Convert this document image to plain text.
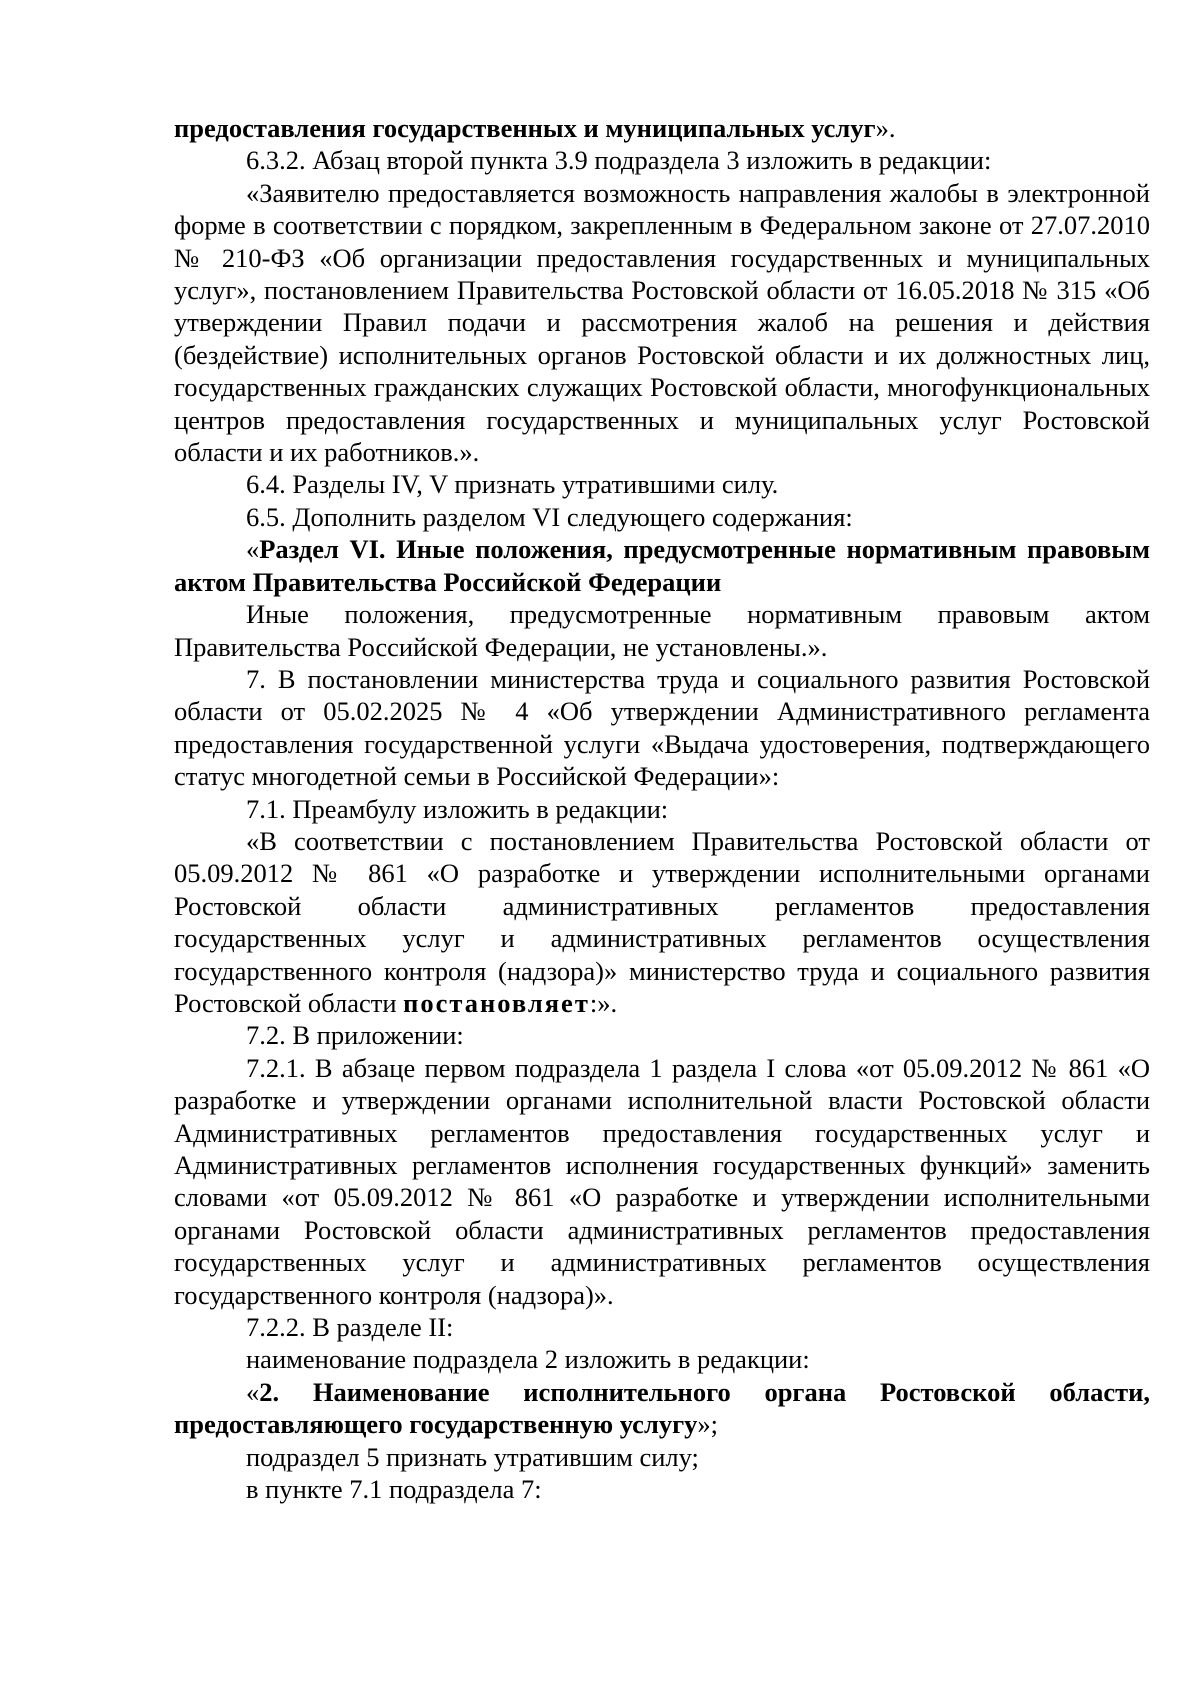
предоставления государственных и муниципальных услуг».

6.3.2. Абзац второй пункта 3.9 подраздела 3 изложить в редакции:

«Заявителю предоставляется возможность направления жалобы в электронной форме в соответствии с порядком, закрепленным в Федеральном законе от 27.07.2010 № 210-ФЗ «Об организации предоставления государственных и муниципальных услуг», постановлением Правительства Ростовской области от 16.05.2018 № 315 «Об утверждении Правил подачи и рассмотрения жалоб на решения и действия (бездействие) исполнительных органов Ростовской области и их должностных лиц, государственных гражданских служащих Ростовской области, многофункциональных центров предоставления государственных и муниципальных услуг Ростовской области и их работников.».

6.4. Разделы IV, V признать утратившими силу.

6.5. Дополнить разделом VI следующего содержания:

«Раздел VI. Иные положения, предусмотренные нормативным правовым актом Правительства Российской Федерации

Иные положения, предусмотренные нормативным правовым актом Правительства Российской Федерации, не установлены.».

7. В постановлении министерства труда и социального развития Ростовской области от 05.02.2025 № 4 «Об утверждении Административного регламента предоставления государственной услуги «Выдача удостоверения, подтверждающего статус многодетной семьи в Российской Федерации»:

7.1. Преамбулу изложить в редакции:

«В соответствии с постановлением Правительства Ростовской области от 05.09.2012 № 861 «О разработке и утверждении исполнительными органами Ростовской области административных регламентов предоставления государственных услуг и административных регламентов осуществления государственного контроля (надзора)» министерство труда и социального развития Ростовской области постановляет:».

7.2. В приложении:

7.2.1. В абзаце первом подраздела 1 раздела I слова «от 05.09.2012 № 861 «О разработке и утверждении органами исполнительной власти Ростовской области Административных регламентов предоставления государственных услуг и Административных регламентов исполнения государственных функций» заменить словами «от 05.09.2012 № 861 «О разработке и утверждении исполнительными органами Ростовской области административных регламентов предоставления государственных услуг и административных регламентов осуществления государственного контроля (надзора)».

7.2.2. В разделе II:

наименование подраздела 2 изложить в редакции:

«2. Наименование исполнительного органа Ростовской области, предоставляющего государственную услугу»;

подраздел 5 признать утратившим силу;

в пункте 7.1 подраздела 7:
